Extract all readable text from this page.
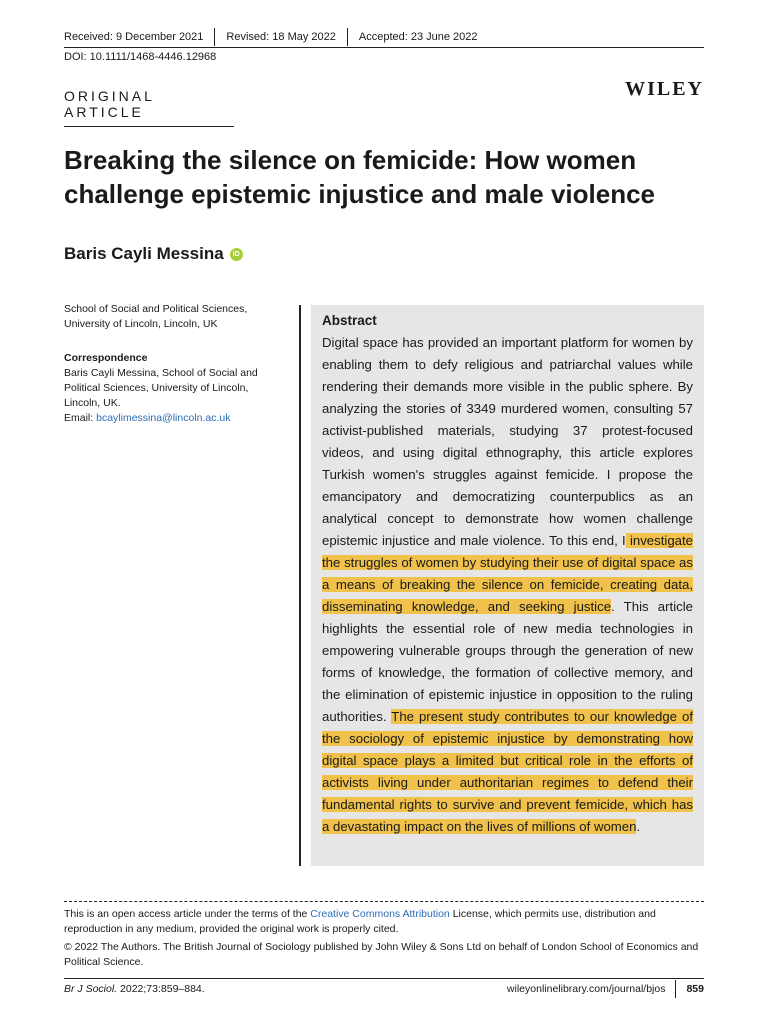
Received: 9 December 2021 Revised: 18 May 2022 Accepted: 23 June 2022
DOI: 10.1111/1468-4446.12968
ORIGINAL ARTICLE
WILEY
Breaking the silence on femicide: How women challenge epistemic injustice and male violence
Baris Cayli Messina	iD
School of Social and Political Sciences,
University of Lincoln, Lincoln, UK
Correspondence
Baris Cayli Messina, School of Social and Political Sciences, University of Lincoln, Lincoln, UK.
Email: bcaylimessina@lincoln.ac.uk
Abstract

Digital space has provided an important platform for women by enabling them to defy religious and patriarchal values while rendering their demands more visible in the public sphere. By analyzing the stories of 3349 murdered women, consulting 57 activist-published materials, studying 37 protest-focused videos, and using digital ethnography, this article explores Turkish women's struggles against femicide. I propose the emancipatory and democratizing counterpublics as an analytical concept to demonstrate how women challenge epistemic injustice and male violence. To this end, I investigate the struggles of women by studying their use of digital space as a means of breaking the silence on femicide, creating data, disseminating knowledge, and seeking justice. This article highlights the essential role of new media technologies in empowering vulnerable groups through the generation of new forms of knowledge, the formation of collective memory, and the elimination of epistemic injustice in opposition to the ruling authorities. The present study contributes to our knowledge of the sociology of epistemic injustice by demonstrating how digital space plays a limited but critical role in the efforts of activists living under authoritarian regimes to defend their fundamental rights to survive and prevent femicide, which has a devastating impact on the lives of millions of women.

This is an open access article under the terms of the Creative Commons Attribution License, which permits use, distribution and reproduction in any medium, provided the original work is properly cited.

© 2022 The Authors. The British Journal of Sociology published by John Wiley & Sons Ltd on behalf of London School of Economics and Political Science.

Br J Sociol. 2022;73:859–884.	wileyonlinelibrary.com/journal/bjos 859
